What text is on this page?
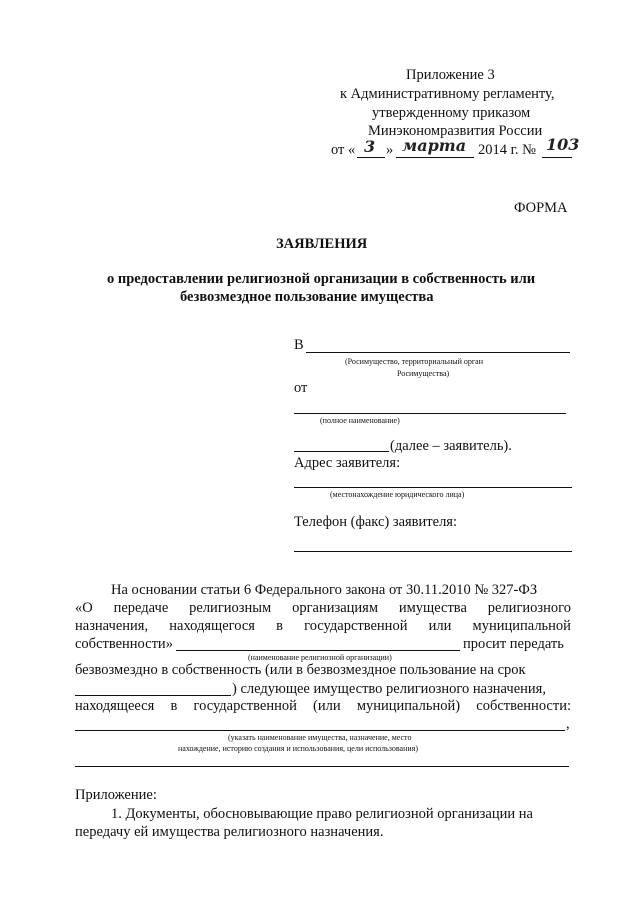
Приложение 3
к Административному регламенту,
утвержденному приказом
Минэкономразвития России
от « 3 » марта 2014 г. № 103
ФОРМА
ЗАЯВЛЕНИЯ
о предоставлении религиозной организации в собственность или
безвозмездное пользование имущества
В
(Росимущество, территориальный орган
Росимущества)
от
(полное наименование)
(далее – заявитель).
Адрес заявителя:
(местонахождение юридического лица)
Телефон (факс) заявителя:
На основании статьи 6 Федерального закона от 30.11.2010 № 327-ФЗ
«О передаче религиозным организациям имущества религиозного
назначения, находящегося в государственной или муниципальной
собственности»	просит передать
(наименование религиозной организации)
безвозмездно в собственность (или в безвозмездное пользование на срок
) следующее имущество религиозного назначения,
находящееся в государственной (или муниципальной) собственности:
,
(указать наименование имущества, назначение, место
нахождение, историю создания и использования, цели использования)
Приложение:
1. Документы, обосновывающие право религиозной организации на
передачу ей имущества религиозного назначения.
